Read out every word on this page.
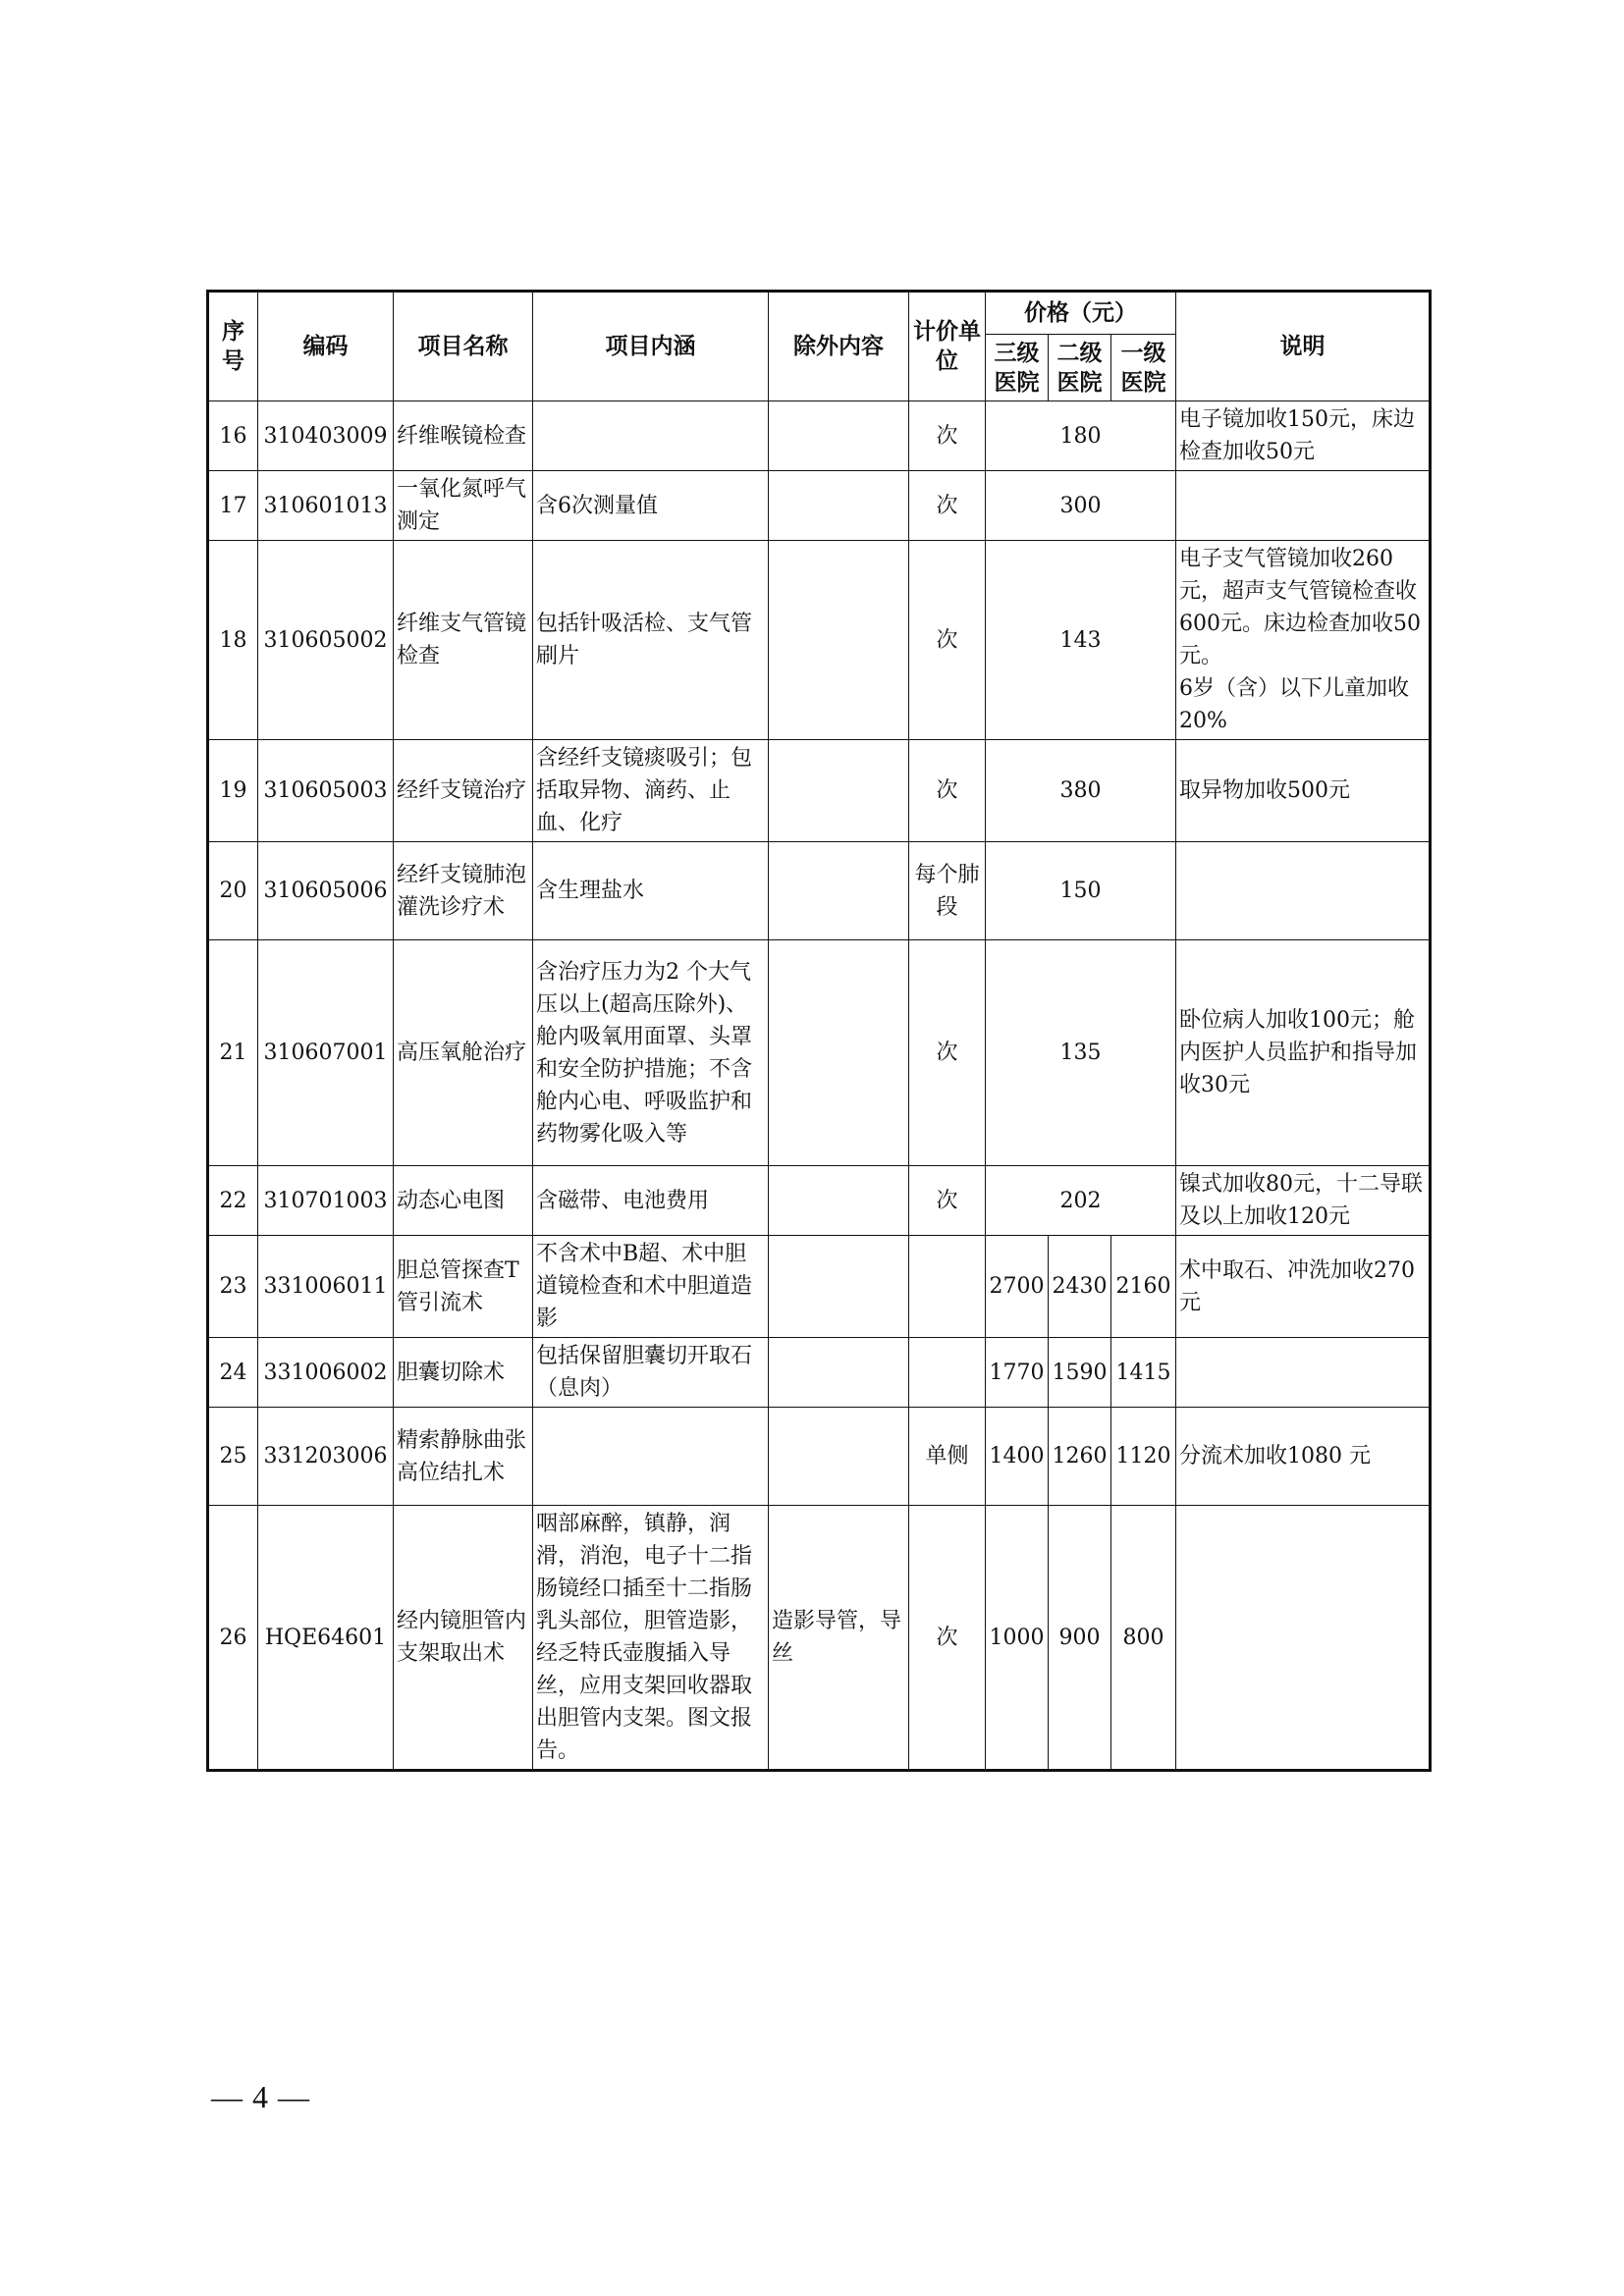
序号	编码	项目名称	项目内涵	除外内容	计价单位	价格（元）			说明
						三级医院	二级医院	一级医院	
16	310403009	纤维喉镜检查			次	180			电子镜加收150元，床边检查加收50元
17	310601013	一氧化氮呼气测定	含6次测量值		次	300			
18	310605002	纤维支气管镜检查	包括针吸活检、支气管刷片		次	143			电子支气管镜加收260元，超声支气管镜检查收600元。床边检查加收50元。
6岁（含）以下儿童加收20%
19	310605003	经纤支镜治疗	含经纤支镜痰吸引；包括取异物、滴药、止血、化疗		次	380			取异物加收500元
20	310605006	经纤支镜肺泡灌洗诊疗术	含生理盐水		每个肺段	150			
21	310607001	高压氧舱治疗	含治疗压力为2 个大气压以上(超高压除外)、舱内吸氧用面罩、头罩和安全防护措施；不含舱内心电、呼吸监护和药物雾化吸入等		次	135			卧位病人加收100元；舱内医护人员监护和指导加收30元
22	310701003	动态心电图	含磁带、电池费用		次	202			镍式加收80元，十二导联及以上加收120元
23	331006011	胆总管探查T管引流术	不含术中B超、术中胆道镜检查和术中胆道造影			2700	2430	2160	术中取石、冲洗加收270元
24	331006002	胆囊切除术	包括保留胆囊切开取石（息肉）			1770	1590	1415	
25	331203006	精索静脉曲张高位结扎术			单侧	1400	1260	1120	分流术加收1080 元
26	HQE64601	经内镜胆管内支架取出术	咽部麻醉，镇静，润滑，消泡，电子十二指肠镜经口插至十二指肠乳头部位，胆管造影，经乏特氏壶腹插入导丝，应用支架回收器取出胆管内支架。图文报告。	造影导管，导丝	次	1000	900	800	
— 4 —
